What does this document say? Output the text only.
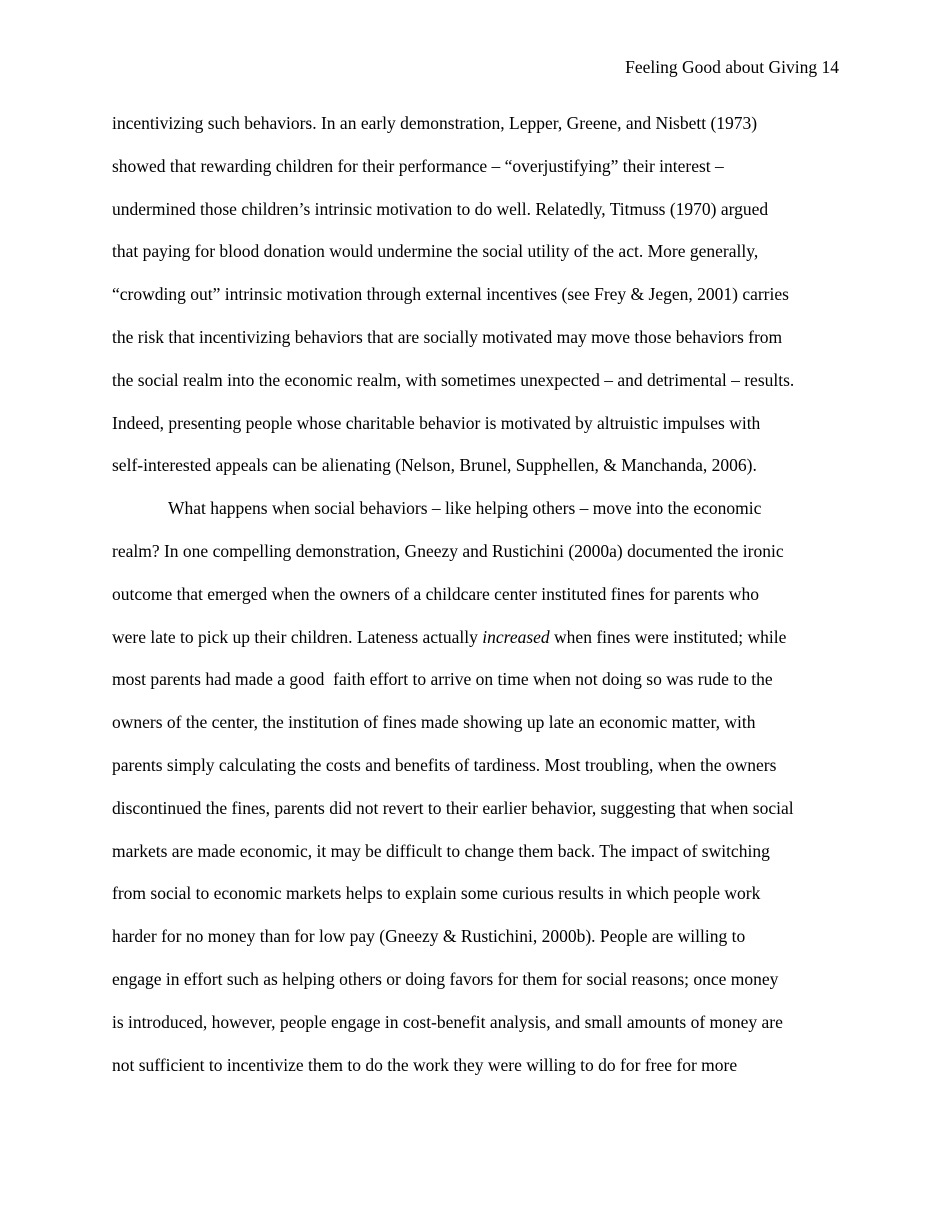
Feeling Good about Giving 14
incentivizing such behaviors. In an early demonstration, Lepper, Greene, and Nisbett (1973)
showed that rewarding children for their performance – “overjustifying” their interest –
undermined those children’s intrinsic motivation to do well. Relatedly, Titmuss (1970) argued
that paying for blood donation would undermine the social utility of the act. More generally,
“crowding out” intrinsic motivation through external incentives (see Frey & Jegen, 2001) carries
the risk that incentivizing behaviors that are socially motivated may move those behaviors from
the social realm into the economic realm, with sometimes unexpected – and detrimental – results.
Indeed, presenting people whose charitable behavior is motivated by altruistic impulses with
self-interested appeals can be alienating (Nelson, Brunel, Supphellen, & Manchanda, 2006).
What happens when social behaviors – like helping others – move into the economic
realm? In one compelling demonstration, Gneezy and Rustichini (2000a) documented the ironic
outcome that emerged when the owners of a childcare center instituted fines for parents who
were late to pick up their children. Lateness actually increased when fines were instituted; while
most parents had made a good  faith effort to arrive on time when not doing so was rude to the
owners of the center, the institution of fines made showing up late an economic matter, with
parents simply calculating the costs and benefits of tardiness. Most troubling, when the owners
discontinued the fines, parents did not revert to their earlier behavior, suggesting that when social
markets are made economic, it may be difficult to change them back. The impact of switching
from social to economic markets helps to explain some curious results in which people work
harder for no money than for low pay (Gneezy & Rustichini, 2000b). People are willing to
engage in effort such as helping others or doing favors for them for social reasons; once money
is introduced, however, people engage in cost-benefit analysis, and small amounts of money are
not sufficient to incentivize them to do the work they were willing to do for free for more
